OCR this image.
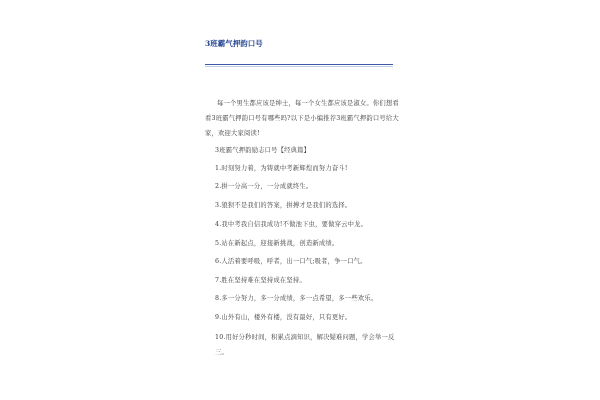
3班霸气押韵口号

每一个男生都应该是绅士，每一个女生都应该是淑女。你们想看看3班霸气押韵口号有哪些吗?以下是小编推荐3班霸气押韵口号给大家，欢迎大家阅读!

3班霸气押韵励志口号【经典篇】
1.时刻努力着，为铸就中考新辉煌而努力奋斗!
2.拼一分高一分，一分成就终生。
3.狼狈不是我们的答案，拼搏才是我们的选择。
4.我中考我自信我成功!不做池下虫，要做穿云中龙。
5.站在新起点，迎接新挑战，创造新成绩。
6.人活着要呼吸，呼者，出一口气;吸者，争一口气。
7.胜在坚持难在坚持成在坚持。
8.多一分努力，多一分成绩，多一点希望，多一些欢乐。
9.山外有山，楼外有楼，没有最好，只有更好。
10.用好分秒时间，积累点滴知识，解决疑难问题，学会举一反三。
